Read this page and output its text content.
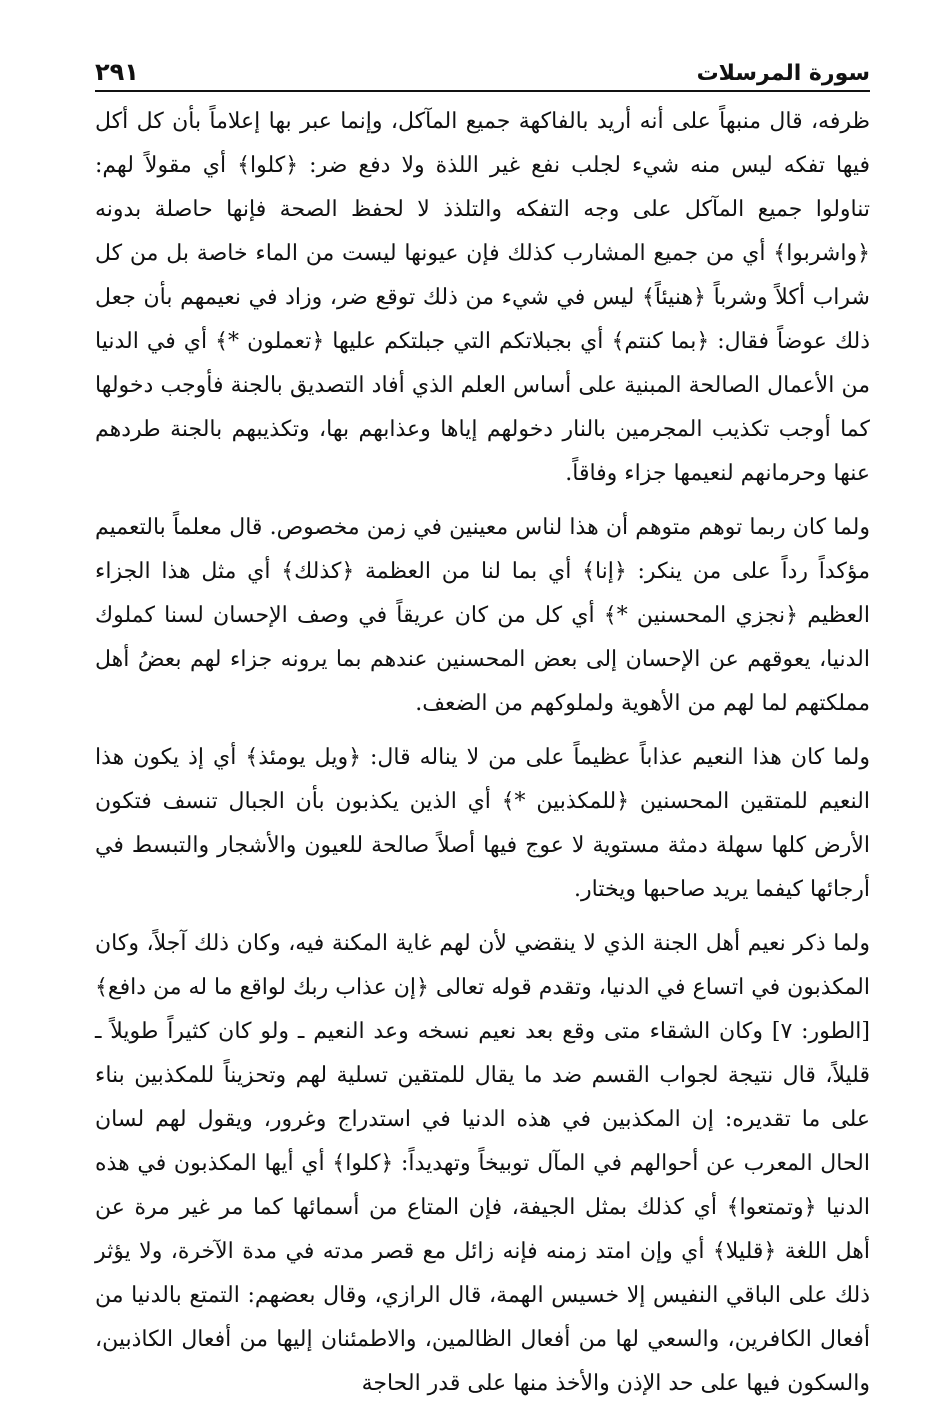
سورة المرسلات
٢٩١

ظرفه، قال منبهاً على أنه أريد بالفاكهة جميع المآكل، وإنما عبر بها إعلاماً بأن كل أكل فيها تفكه ليس منه شيء لجلب نفع غير اللذة ولا دفع ضر: ﴿كلوا﴾ أي مقولاً لهم: تناولوا جميع المآكل على وجه التفكه والتلذذ لا لحفظ الصحة فإنها حاصلة بدونه ﴿واشربوا﴾ أي من جميع المشارب كذلك فإن عيونها ليست من الماء خاصة بل من كل شراب أكلاً وشرباً ﴿هنيئاً﴾ ليس في شيء من ذلك توقع ضر، وزاد في نعيمهم بأن جعل ذلك عوضاً فقال: ﴿بما كنتم﴾ أي بجبلاتكم التي جبلتكم عليها ﴿تعملون *﴾ أي في الدنيا من الأعمال الصالحة المبنية على أساس العلم الذي أفاد التصديق بالجنة فأوجب دخولها كما أوجب تكذيب المجرمين بالنار دخولهم إياها وعذابهم بها، وتكذيبهم بالجنة طردهم عنها وحرمانهم لنعيمها جزاء وفاقاً.

ولما كان ربما توهم متوهم أن هذا لناس معينين في زمن مخصوص. قال معلماً بالتعميم مؤكداً رداً على من ينكر: ﴿إنا﴾ أي بما لنا من العظمة ﴿كذلك﴾ أي مثل هذا الجزاء العظيم ﴿نجزي المحسنين *﴾ أي كل من كان عريقاً في وصف الإحسان لسنا كملوك الدنيا، يعوقهم عن الإحسان إلى بعض المحسنين عندهم بما يرونه جزاء لهم بعضُ أهل مملكتهم لما لهم من الأهوية ولملوكهم من الضعف.

ولما كان هذا النعيم عذاباً عظيماً على من لا يناله قال: ﴿ويل يومئذ﴾ أي إذ يكون هذا النعيم للمتقين المحسنين ﴿للمكذبين *﴾ أي الذين يكذبون بأن الجبال تنسف فتكون الأرض كلها سهلة دمثة مستوية لا عوج فيها أصلاً صالحة للعيون والأشجار والتبسط في أرجائها كيفما يريد صاحبها ويختار.

ولما ذكر نعيم أهل الجنة الذي لا ينقضي لأن لهم غاية المكنة فيه، وكان ذلك آجلاً، وكان المكذبون في اتساع في الدنيا، وتقدم قوله تعالى ﴿إن عذاب ربك لواقع ما له من دافع﴾ [الطور: ٧] وكان الشقاء متى وقع بعد نعيم نسخه وعد النعيم ـ ولو كان كثيراً طويلاً ـ قليلاً، قال نتيجة لجواب القسم ضد ما يقال للمتقين تسلية لهم وتحزيناً للمكذبين بناء على ما تقديره: إن المكذبين في هذه الدنيا في استدراج وغرور، ويقول لهم لسان الحال المعرب عن أحوالهم في المآل توبيخاً وتهديداً: ﴿كلوا﴾ أي أيها المكذبون في هذه الدنيا ﴿وتمتعوا﴾ أي كذلك بمثل الجيفة، فإن المتاع من أسمائها كما مر غير مرة عن أهل اللغة ﴿قليلا﴾ أي وإن امتد زمنه فإنه زائل مع قصر مدته في مدة الآخرة، ولا يؤثر ذلك على الباقي النفيس إلا خسيس الهمة، قال الرازي، وقال بعضهم: التمتع بالدنيا من أفعال الكافرين، والسعي لها من أفعال الظالمين، والاطمئنان إليها من أفعال الكاذبين، والسكون فيها على حد الإذن والأخذ منها على قدر الحاجة
